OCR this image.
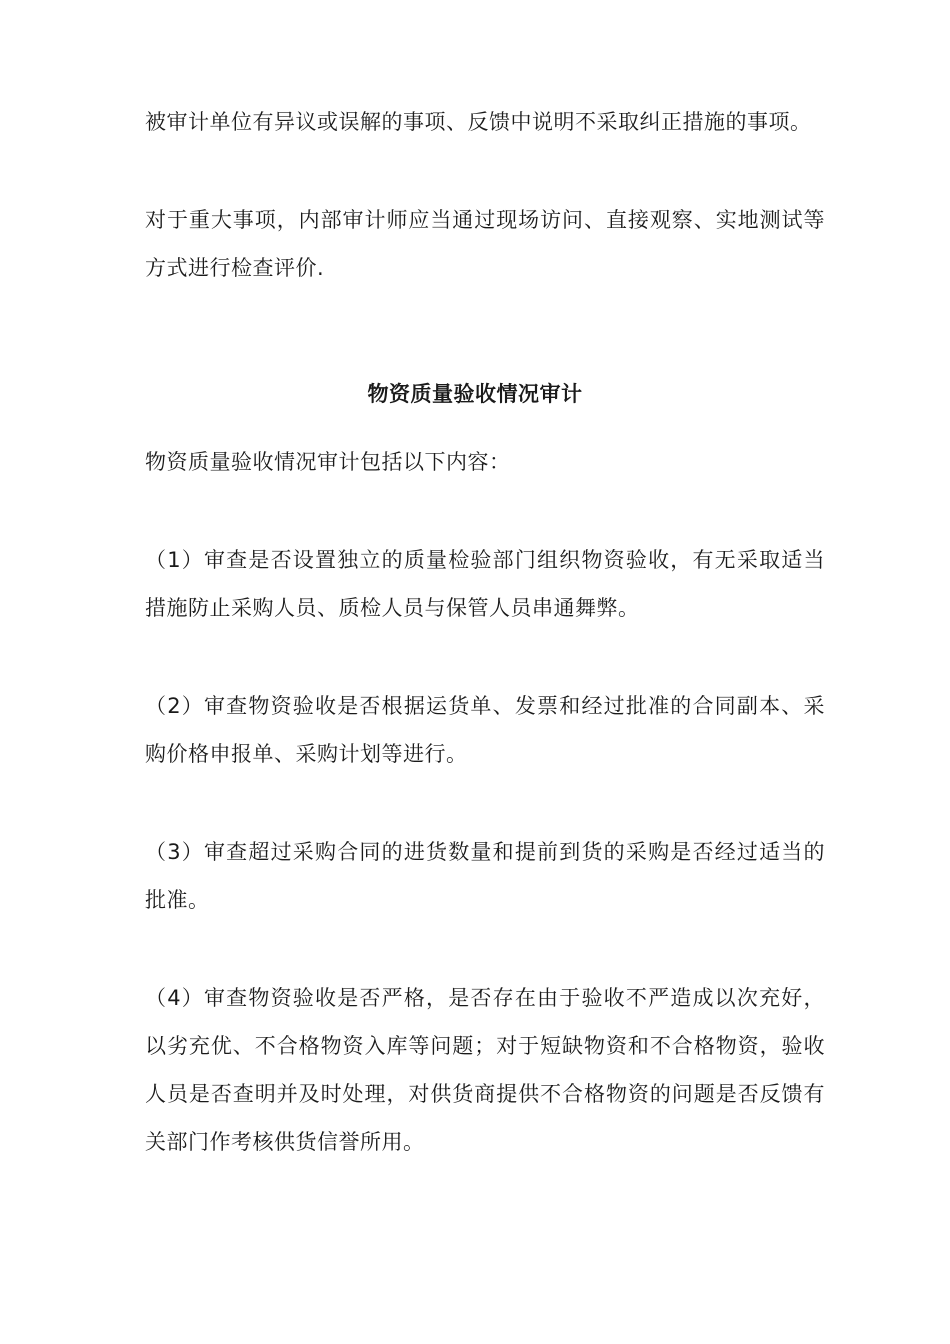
被审计单位有异议或误解的事项、反馈中说明不采取纠正措施的事项。

对于重大事项，内部审计师应当通过现场访问、直接观察、实地测试等方式进行检查评价.

物资质量验收情况审计

物资质量验收情况审计包括以下内容：

（1）审查是否设置独立的质量检验部门组织物资验收，有无采取适当措施防止采购人员、质检人员与保管人员串通舞弊。

（2）审查物资验收是否根据运货单、发票和经过批准的合同副本、采购价格申报单、采购计划等进行。

（3）审查超过采购合同的进货数量和提前到货的采购是否经过适当的批准。

（4）审查物资验收是否严格，是否存在由于验收不严造成以次充好，以劣充优、不合格物资入库等问题；对于短缺物资和不合格物资，验收人员是否查明并及时处理，对供货商提供不合格物资的问题是否反馈有关部门作考核供货信誉所用。
